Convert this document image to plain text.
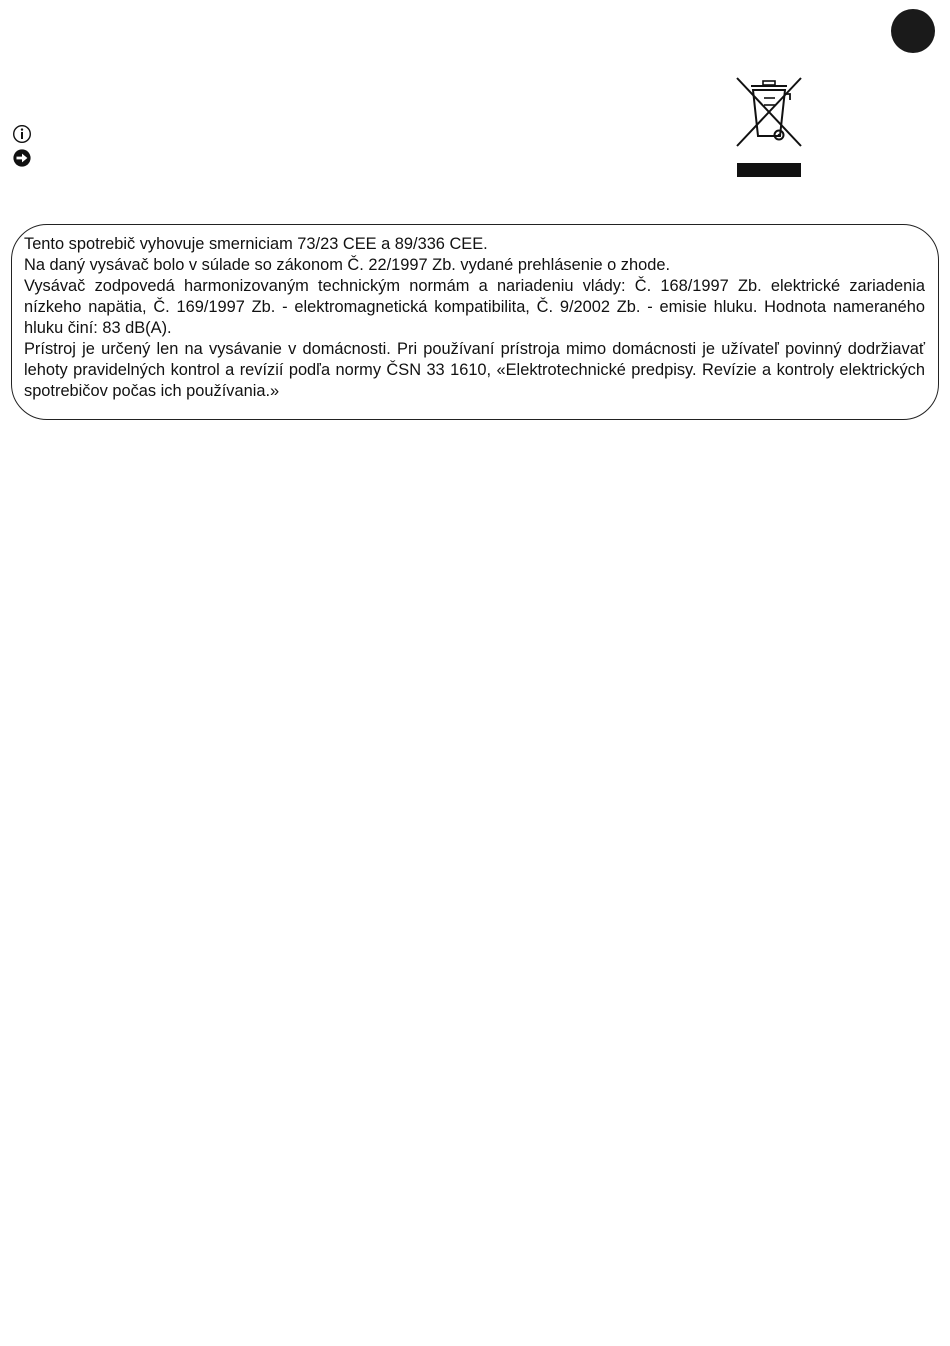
Tento spotrebič vyhovuje smerniciam 73/23 CEE a 89/336 CEE.

Na daný vysávač bolo v súlade so zákonom Č. 22/1997 Zb. vydané prehlásenie o zhode.

Vysávač zodpovedá harmonizovaným technickým normám a nariadeniu vlády: Č. 168/1997 Zb. elektrické zariadenia nízkeho napätia, Č. 169/1997 Zb. - elektromagnetická kompatibilita, Č. 9/2002 Zb. - emisie hluku. Hodnota nameraného hluku činí: 83 dB(A).

Prístroj je určený len na vysávanie v domácnosti. Pri používaní prístroja mimo domácnosti je užívateľ povinný dodržiavať lehoty pravidelných kontrol a revízií podľa normy ČSN 33 1610, «Elektrotechnické predpisy. Revízie a kontroly elektrických spotrebičov počas ich používania.»
